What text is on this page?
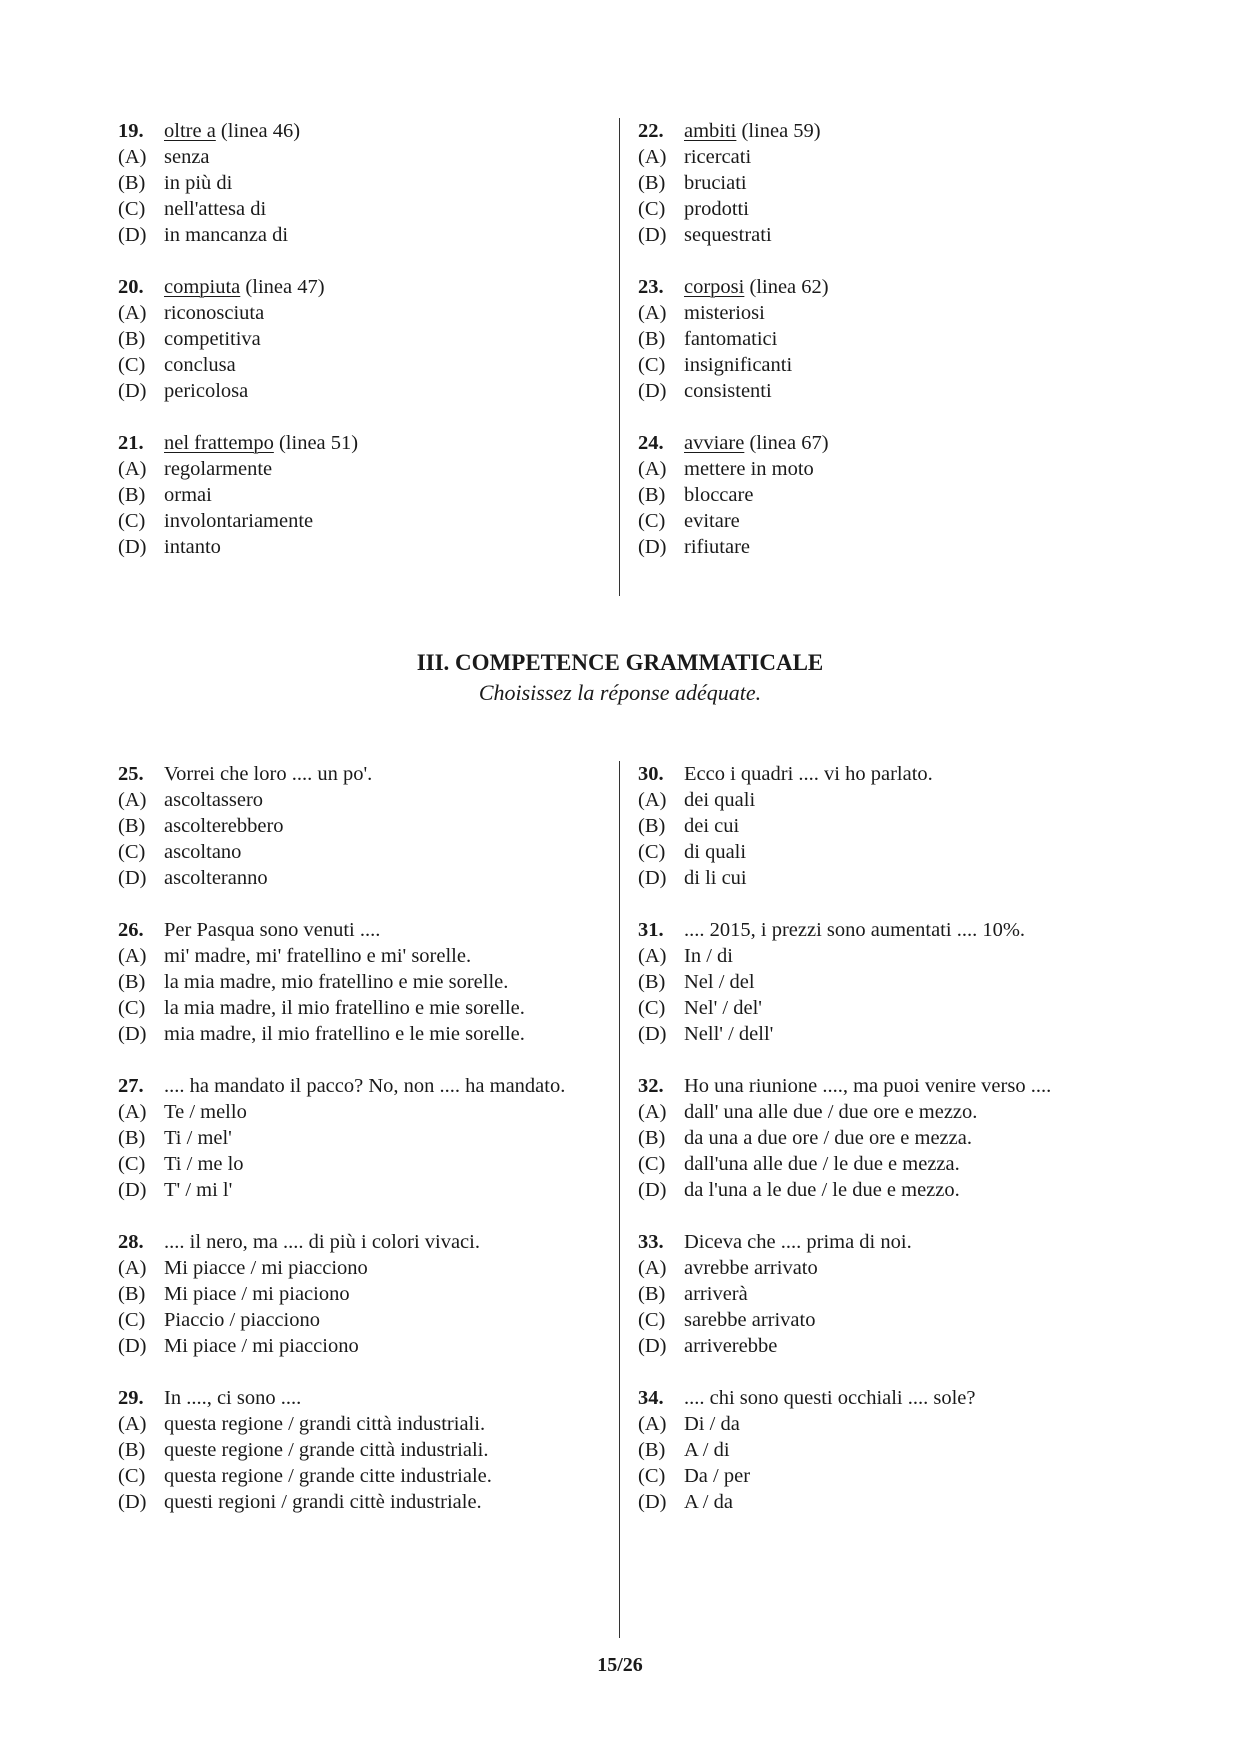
19. oltre a (linea 46)
(A) senza
(B) in più di
(C) nell'attesa di
(D) in mancanza di
20. compiuta (linea 47)
(A) riconosciuta
(B) competitiva
(C) conclusa
(D) pericolosa
21. nel frattempo (linea 51)
(A) regolarmente
(B) ormai
(C) involontariamente
(D) intanto
22. ambiti (linea 59)
(A) ricercati
(B) bruciati
(C) prodotti
(D) sequestrati
23. corposi (linea 62)
(A) misteriosi
(B) fantomatici
(C) insignificanti
(D) consistenti
24. avviare (linea 67)
(A) mettere in moto
(B) bloccare
(C) evitare
(D) rifiutare
III. COMPETENCE GRAMMATICALE
Choisissez la réponse adéquate.
25. Vorrei che loro .... un po'.
(A) ascoltassero
(B) ascolterebbero
(C) ascoltano
(D) ascolteranno
26. Per Pasqua sono venuti ....
(A) mi' madre, mi' fratellino e mi' sorelle.
(B) la mia madre, mio fratellino e mie sorelle.
(C) la mia madre, il mio fratellino e mie sorelle.
(D) mia madre, il mio fratellino e le mie sorelle.
27. .... ha mandato il pacco? No, non .... ha mandato.
(A) Te / mello
(B) Ti / mel'
(C) Ti / me lo
(D) T' / mi l'
28. .... il nero, ma .... di più i colori vivaci.
(A) Mi piacce / mi piacciono
(B) Mi piace / mi piaciono
(C) Piaccio / piacciono
(D) Mi piace / mi piacciono
29. In ...., ci sono ....
(A) questa regione / grandi città industriali.
(B) queste regione / grande città industriali.
(C) questa regione / grande citte industriale.
(D) questi regioni / grandi cittè industriale.
30. Ecco i quadri .... vi ho parlato.
(A) dei quali
(B) dei cui
(C) di quali
(D) di li cui
31. .... 2015, i prezzi sono aumentati .... 10%.
(A) In / di
(B) Nel / del
(C) Nel' / del'
(D) Nell' / dell'
32. Ho una riunione ...., ma puoi venire verso ....
(A) dall' una alle due / due ore e mezzo.
(B) da una a due ore / due ore e mezza.
(C) dall'una alle due / le due e mezza.
(D) da l'una a le due / le due e mezzo.
33. Diceva che .... prima di noi.
(A) avrebbe arrivato
(B) arriverà
(C) sarebbe arrivato
(D) arriverebbe
34. .... chi sono questi occhiali .... sole?
(A) Di / da
(B) A / di
(C) Da / per
(D) A / da
15/26
